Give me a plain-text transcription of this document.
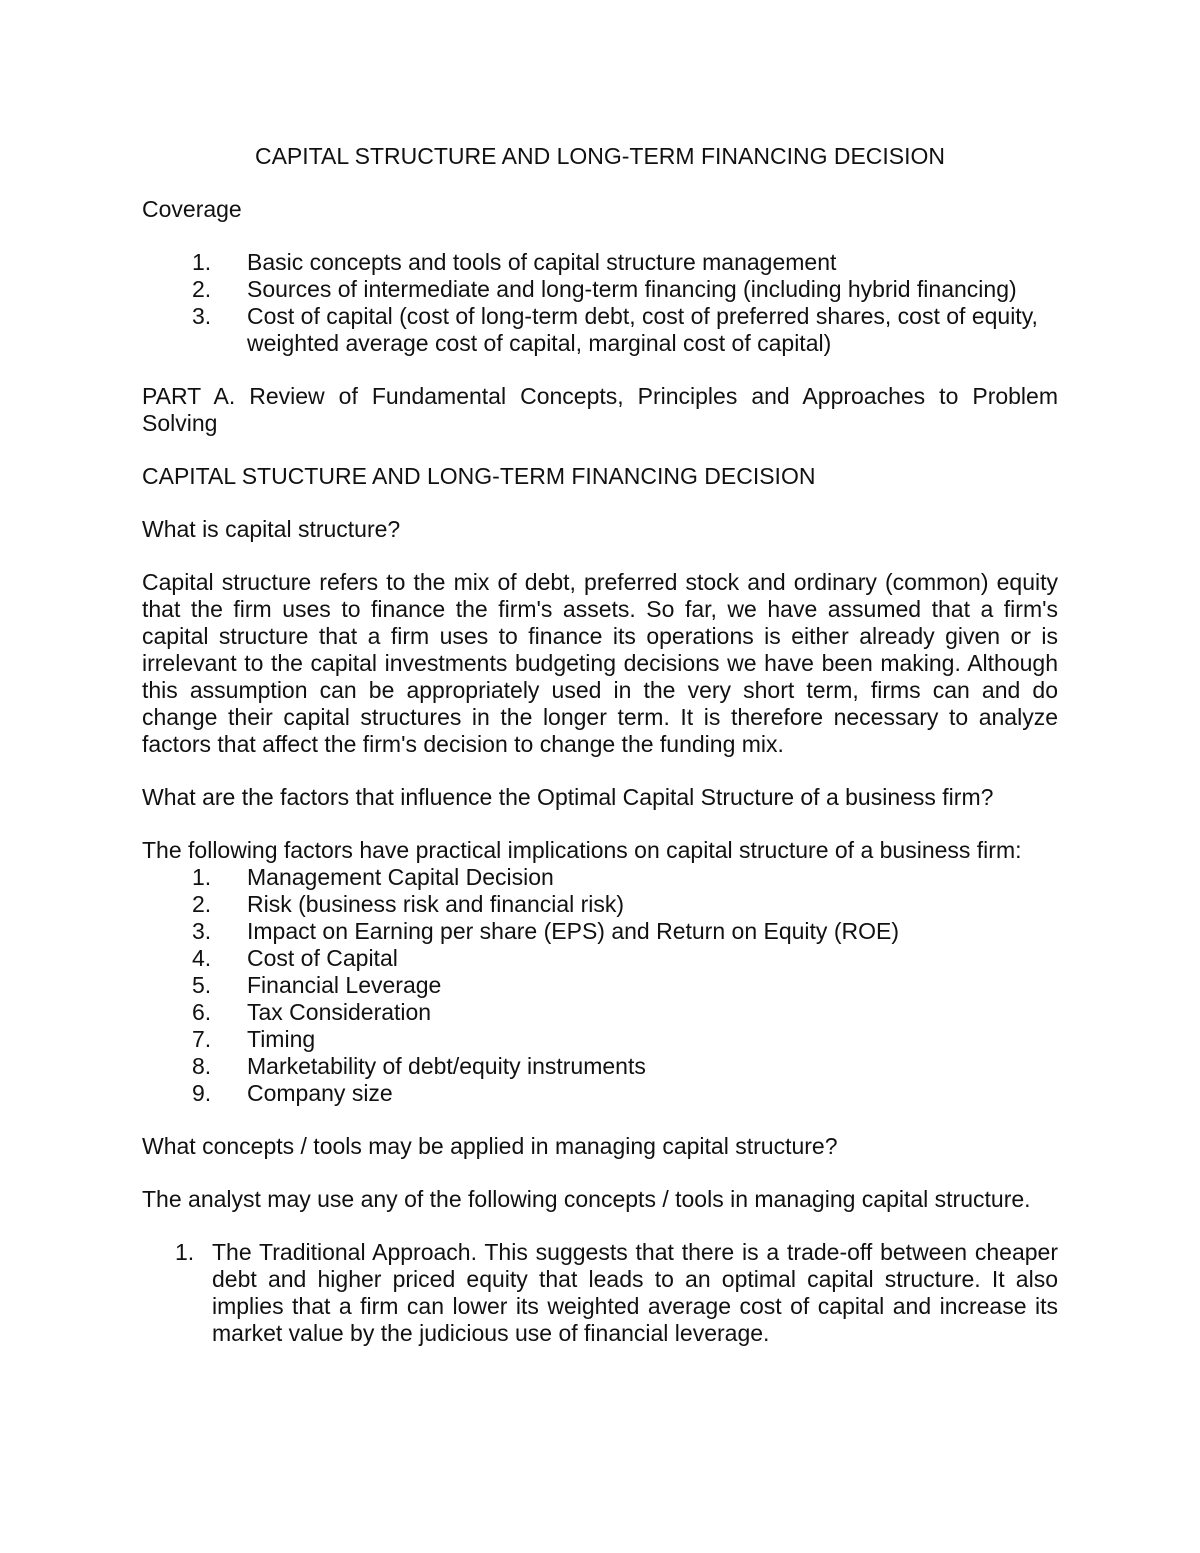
CAPITAL STRUCTURE AND LONG-TERM FINANCING DECISION

Coverage

1.	Basic concepts and tools of capital structure management
2.	Sources of intermediate and long-term financing (including hybrid financing)
3.	Cost of capital (cost of long-term debt, cost of preferred shares, cost of equity, weighted average cost of capital, marginal cost of capital)

PART A. Review of Fundamental Concepts, Principles and Approaches to Problem Solving

CAPITAL STUCTURE AND LONG-TERM FINANCING DECISION

What is capital structure?

Capital structure refers to the mix of debt, preferred stock and ordinary (common) equity that the firm uses to finance the firm's assets. So far, we have assumed that a firm's capital structure that a firm uses to finance its operations is either already given or is irrelevant to the capital investments budgeting decisions we have been making. Although this assumption can be appropriately used in the very short term, firms can and do change their capital structures in the longer term. It is therefore necessary to analyze factors that affect the firm's decision to change the funding mix.

What are the factors that influence the Optimal Capital Structure of a business firm?

The following factors have practical implications on capital structure of a business firm:

1.	Management Capital Decision
2.	Risk (business risk and financial risk)
3.	Impact on Earning per share (EPS) and Return on Equity (ROE)
4.	Cost of Capital
5.	Financial Leverage
6.	Tax Consideration
7.	Timing
8.	Marketability of debt/equity instruments
9.	Company size

What concepts / tools may be applied in managing capital structure?

The analyst may use any of the following concepts / tools in managing capital structure.

1. The Traditional Approach. This suggests that there is a trade-off between cheaper debt and higher priced equity that leads to an optimal capital structure. It also implies that a firm can lower its weighted average cost of capital and increase its market value by the judicious use of financial leverage.
